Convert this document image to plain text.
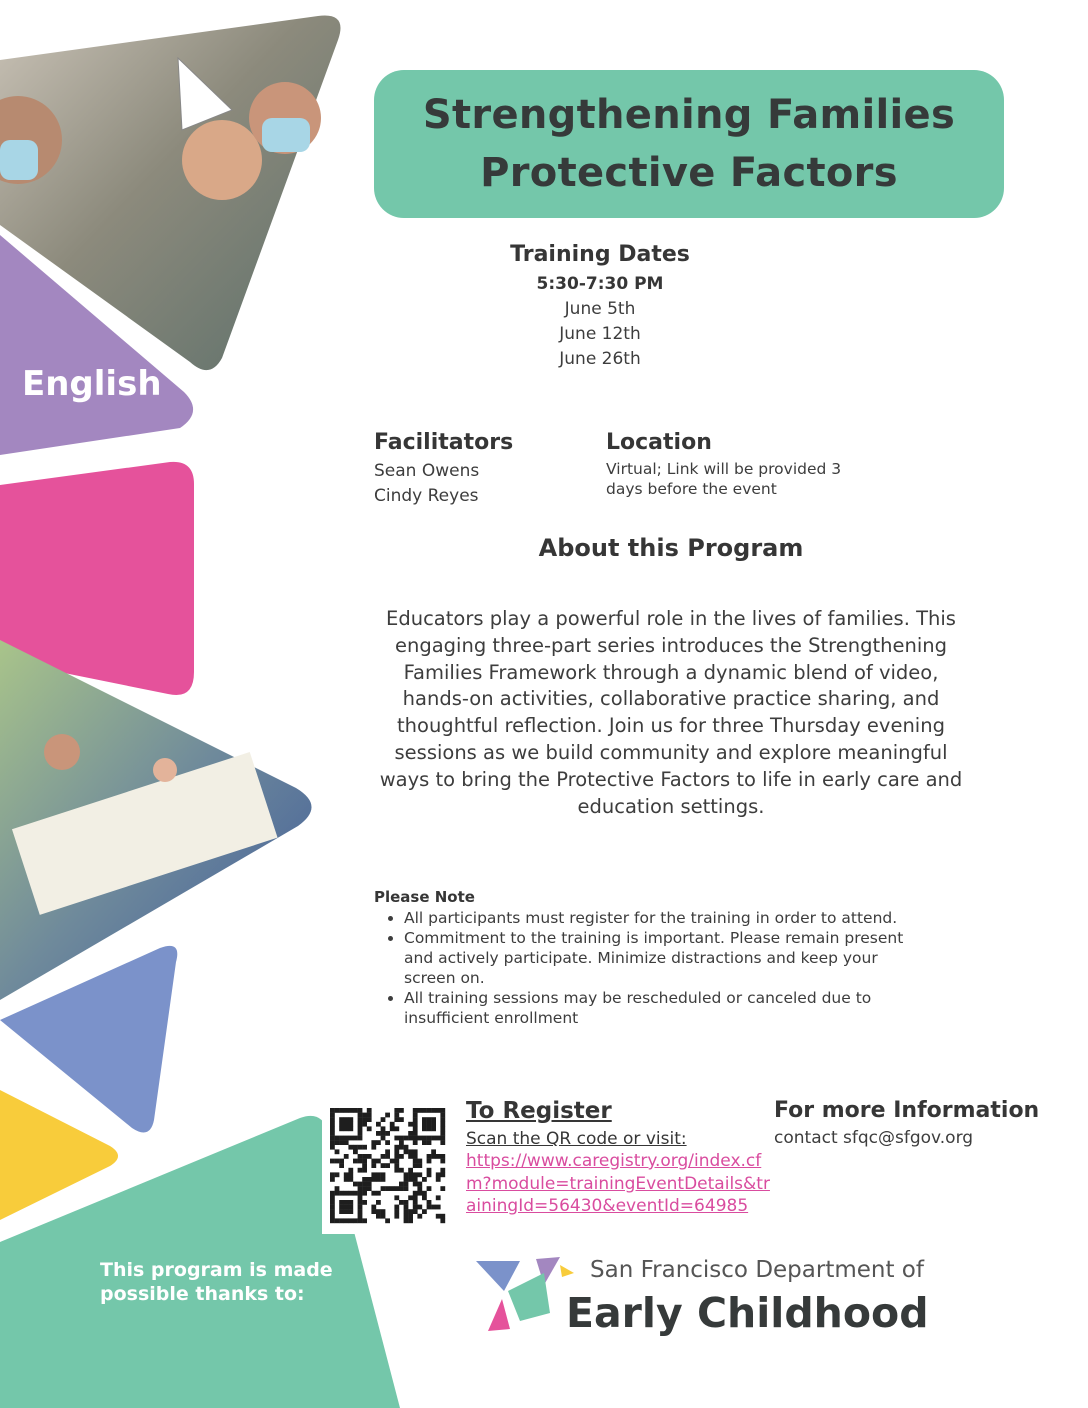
Strengthening Families
Protective Factors
English
Training Dates
5:30-7:30 PM
June 5th
June 12th
June 26th
Facilitators
Sean Owens
Cindy Reyes
Location
Virtual; Link will be provided 3 days before the event
About this Program
Educators play a powerful role in the lives of families. This engaging three-part series introduces the Strengthening Families Framework through a dynamic blend of video, hands-on activities, collaborative practice sharing, and thoughtful reflection. Join us for three Thursday evening sessions as we build community and explore meaningful ways to bring the Protective Factors to life in early care and education settings.
Please Note
• All participants must register for the training in order to attend.
• Commitment to the training is important. Please remain present and actively participate. Minimize distractions and keep your screen on.
• All training sessions may be rescheduled or canceled due to insufficient enrollment
To Register
Scan the QR code or visit:
https://www.caregistry.org/index.cfm?module=trainingEventDetails&trainingId=56430&eventId=64985
For more Information
contact sfqc@sfgov.org
This program is made possible thanks to:
San Francisco Department of
Early Childhood
